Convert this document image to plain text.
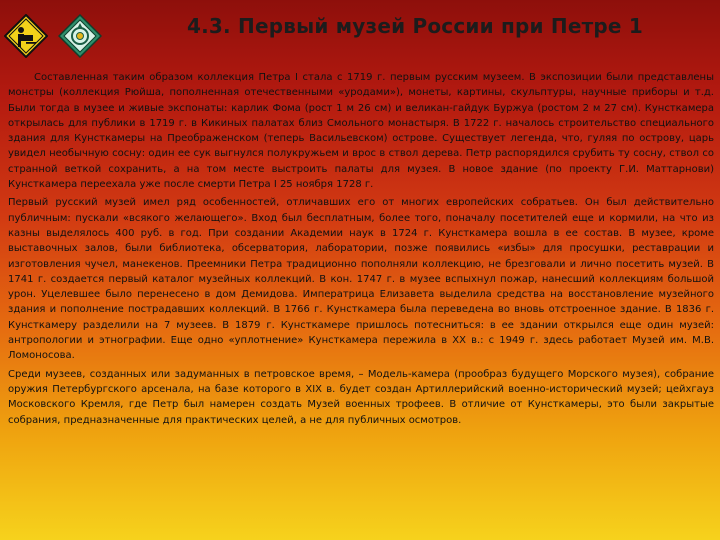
4.3. Первый музей России при Петре 1

Составленная таким образом коллекция Петра I стала с 1719 г. первым русским музеем. В экспозиции были представлены монстры (коллекция Рюйша, пополненная отечественными «уродами»), монеты, картины, скульптуры, научные приборы и т.д. Были тогда в музее и живые экспонаты: карлик Фома (рост 1 м 26 см) и великан-гайдук Буржуа (ростом 2 м 27 см). Кунсткамера открылась для публики в 1719 г. в Кикиных палатах близ Смольного монастыря. В 1722 г. началось строительство специального здания для Кунсткамеры на Преображенском (теперь Васильевском) острове. Существует легенда, что, гуляя по острову, царь увидел необычную сосну: один ее сук выгнулся полукружьем и врос в ствол дерева. Петр распорядился срубить ту сосну, ствол со странной веткой сохранить, а на том месте выстроить палаты для музея. В новое здание (по проекту Г.И. Маттарнови) Кунсткамера переехала уже после смерти Петра I 25 ноября 1728 г.

Первый русский музей имел ряд особенностей, отличавших его от многих европейских собратьев. Он был действительно публичным: пускали «всякого желающего». Вход был бесплатным, более того, поначалу посетителей еще и кормили, на что из казны выделялось 400 руб. в год. При создании Академии наук в 1724 г. Кунсткамера вошла в ее состав. В музее, кроме выставочных залов, были библиотека, обсерватория, лаборатории, позже появились «избы» для просушки, реставрации и изготовления чучел, манекенов. Преемники Петра традиционно пополняли коллекцию, не брезговали и лично посетить музей. В 1741 г. создается первый каталог музейных коллекций. В кон. 1747 г. в музее вспыхнул пожар, нанесший коллекциям большой урон. Уцелевшее было перенесено в дом Демидова. Императрица Елизавета выделила средства на восстановление музейного здания и пополнение пострадавших коллекций. В 1766 г. Кунсткамера была переведена во вновь отстроенное здание. В 1836 г. Кунсткамеру разделили на 7 музеев. В 1879 г. Кунсткамере пришлось потесниться: в ее здании открылся еще один музей: антропологии и этнографии. Еще одно «уплотнение» Кунсткамера пережила в XX в.: с 1949 г. здесь работает Музей им. М.В. Ломоносова.

Среди музеев, созданных или задуманных в петровское время, – Модель-камера (прообраз будущего Морского музея), собрание оружия Петербургского арсенала, на базе которого в XIX в. будет создан Артиллерийский военно-исторический музей; цейхгауз Московского Кремля, где Петр был намерен создать Музей военных трофеев. В отличие от Кунсткамеры, это были закрытые собрания, предназначенные для практических целей, а не для публичных осмотров.
